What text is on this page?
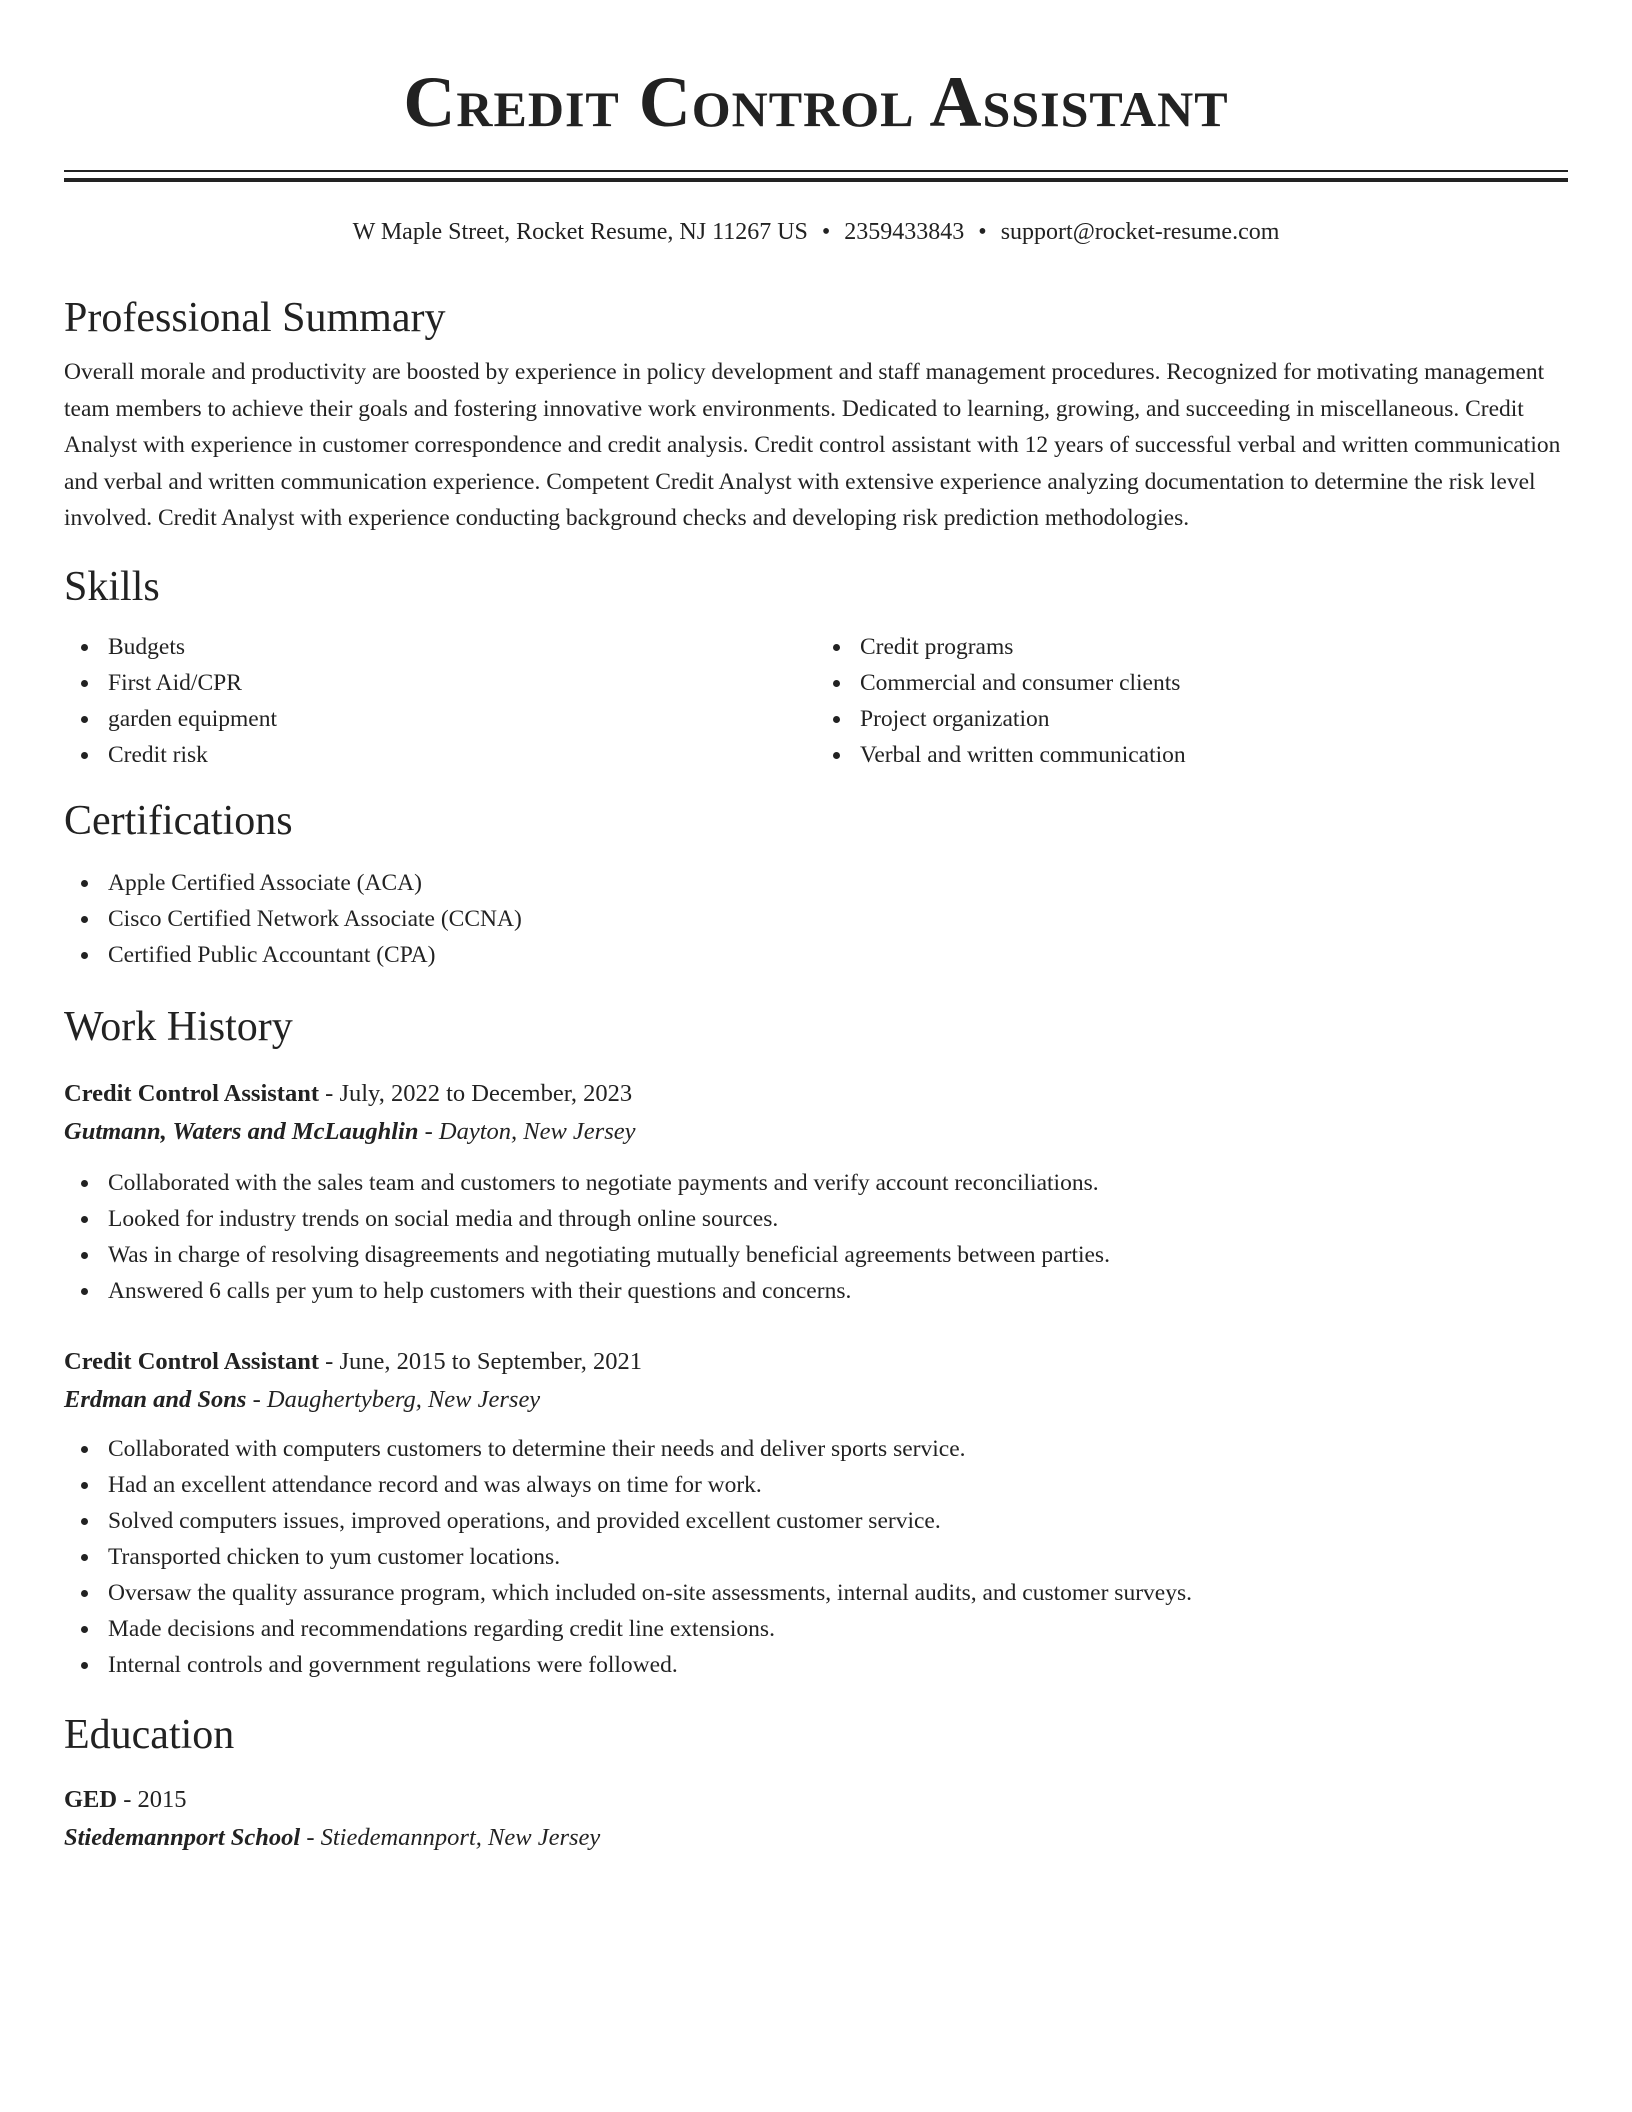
Credit Control Assistant
W Maple Street, Rocket Resume, NJ 11267 US • 2359433843 • support@rocket-resume.com
Professional Summary

Overall morale and productivity are boosted by experience in policy development and staff management procedures. Recognized for motivating management team members to achieve their goals and fostering innovative work environments. Dedicated to learning, growing, and succeeding in miscellaneous. Credit Analyst with experience in customer correspondence and credit analysis. Credit control assistant with 12 years of successful verbal and written communication and verbal and written communication experience. Competent Credit Analyst with extensive experience analyzing documentation to determine the risk level involved. Credit Analyst with experience conducting background checks and developing risk prediction methodologies.

Skills
Budgets
First Aid/CPR
garden equipment
Credit risk
Credit programs
Commercial and consumer clients
Project organization
Verbal and written communication
Certifications
Apple Certified Associate (ACA)
Cisco Certified Network Associate (CCNA)
Certified Public Accountant (CPA)
Work History
Credit Control Assistant - July, 2022 to December, 2023
Gutmann, Waters and McLaughlin - Dayton, New Jersey
Collaborated with the sales team and customers to negotiate payments and verify account reconciliations.
Looked for industry trends on social media and through online sources.
Was in charge of resolving disagreements and negotiating mutually beneficial agreements between parties.
Answered 6 calls per yum to help customers with their questions and concerns.
Credit Control Assistant - June, 2015 to September, 2021
Erdman and Sons - Daughertyberg, New Jersey
Collaborated with computers customers to determine their needs and deliver sports service.
Had an excellent attendance record and was always on time for work.
Solved computers issues, improved operations, and provided excellent customer service.
Transported chicken to yum customer locations.
Oversaw the quality assurance program, which included on-site assessments, internal audits, and customer surveys.
Made decisions and recommendations regarding credit line extensions.
Internal controls and government regulations were followed.
Education
GED - 2015
Stiedemannport School - Stiedemannport, New Jersey
